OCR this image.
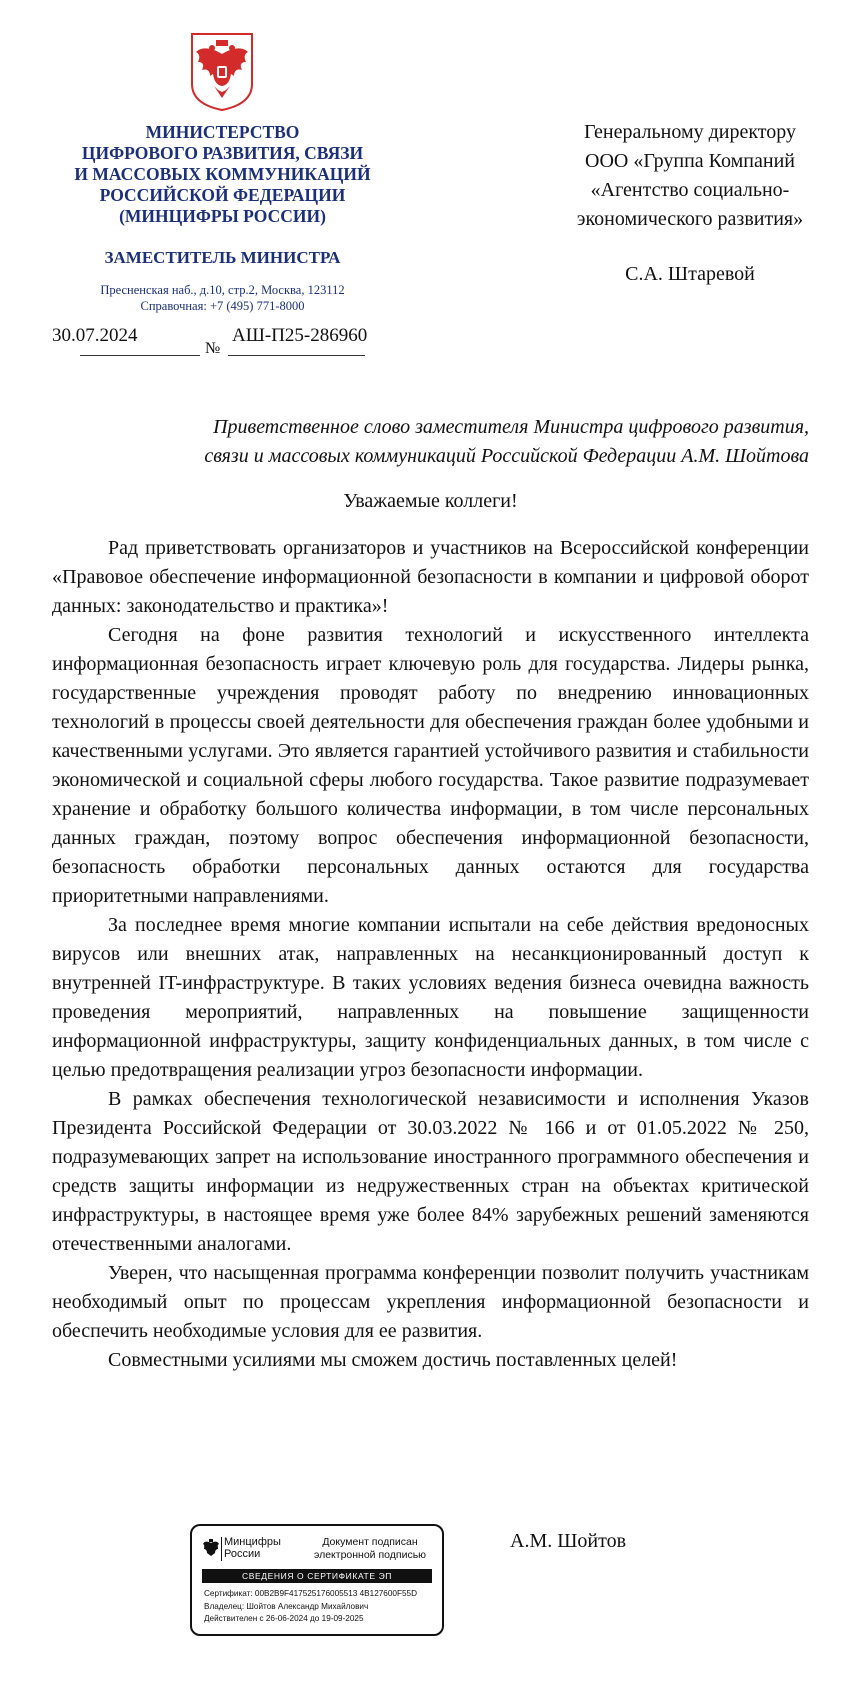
МИНИСТЕРСТВО
ЦИФРОВОГО РАЗВИТИЯ, СВЯЗИ
И МАССОВЫХ КОММУНИКАЦИЙ
РОССИЙСКОЙ ФЕДЕРАЦИИ
(МИНЦИФРЫ РОССИИ)
ЗАМЕСТИТЕЛЬ МИНИСТРА
Пресненская наб., д.10, стр.2, Москва, 123112
Справочная: +7 (495) 771-8000
30.07.2024
№
АШ-П25-286960
Генеральному директору
ООО «Группа Компаний
«Агентство социально-
экономического развития»
С.А. Штаревой
Приветственное слово заместителя Министра цифрового развития,
связи и массовых коммуникаций Российской Федерации А.М. Шойтова
Уважаемые коллеги!

Рад приветствовать организаторов и участников на Всероссийской конференции «Правовое обеспечение информационной безопасности в компании и цифровой оборот данных: законодательство и практика»!

Сегодня на фоне развития технологий и искусственного интеллекта информационная безопасность играет ключевую роль для государства. Лидеры рынка, государственные учреждения проводят работу по внедрению инновационных технологий в процессы своей деятельности для обеспечения граждан более удобными и качественными услугами. Это является гарантией устойчивого развития и стабильности экономической и социальной сферы любого государства. Такое развитие подразумевает хранение и обработку большого количества информации, в том числе персональных данных граждан, поэтому вопрос обеспечения информационной безопасности, безопасность обработки персональных данных остаются для государства приоритетными направлениями.

За последнее время многие компании испытали на себе действия вредоносных вирусов или внешних атак, направленных на несанкционированный доступ к внутренней IT-инфраструктуре. В таких условиях ведения бизнеса очевидна важность проведения мероприятий, направленных на повышение защищенности информационной инфраструктуры, защиту конфиденциальных данных, в том числе с целью предотвращения реализации угроз безопасности информации.

В рамках обеспечения технологической независимости и исполнения Указов Президента Российской Федерации от 30.03.2022 № 166 и от 01.05.2022 № 250, подразумевающих запрет на использование иностранного программного обеспечения и средств защиты информации из недружественных стран на объектах критической инфраструктуры, в настоящее время уже более 84% зарубежных решений заменяются отечественными аналогами.

Уверен, что насыщенная программа конференции позволит получить участникам необходимый опыт по процессам укрепления информационной безопасности и обеспечить необходимые условия для ее развития.

Совместными усилиями мы сможем достичь поставленных целей!

Минцифры
России
Документ подписан
электронной подписью
СВЕДЕНИЯ О СЕРТИФИКАТЕ ЭП
Сертификат: 00B2B9F417525176005513 4B127600F55D
Владелец: Шойтов Александр Михайлович
Действителен с 26-06-2024 до 19-09-2025
А.М. Шойтов
